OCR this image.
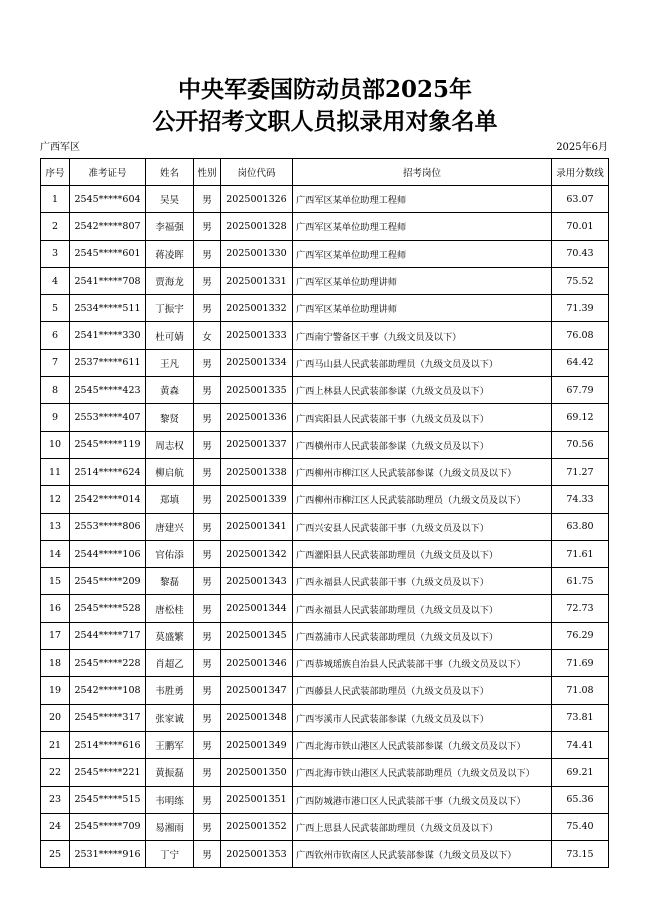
中央军委国防动员部2025年
公开招考文职人员拟录用对象名单
广西军区	2025年6月
序号	准考证号	姓名	性别	岗位代码	招考岗位	录用分数线
1	2545*****604	吴昊	男	2025001326	广西军区某单位助理工程师	63.07
2	2542*****807	李福强	男	2025001328	广西军区某单位助理工程师	70.01
3	2545*****601	蒋凌晖	男	2025001330	广西军区某单位助理工程师	70.43
4	2541*****708	贾海龙	男	2025001331	广西军区某单位助理讲师	75.52
5	2534*****511	丁振宇	男	2025001332	广西军区某单位助理讲师	71.39
6	2541*****330	杜可婧	女	2025001333	广西南宁警备区干事（九级文员及以下）	76.08
7	2537*****611	王凡	男	2025001334	广西马山县人民武装部助理员（九级文员及以下）	64.42
8	2545*****423	黄森	男	2025001335	广西上林县人民武装部参谋（九级文员及以下）	67.79
9	2553*****407	黎贤	男	2025001336	广西宾阳县人民武装部干事（九级文员及以下）	69.12
10	2545*****119	周志权	男	2025001337	广西横州市人民武装部参谋（九级文员及以下）	70.56
11	2514*****624	柳启航	男	2025001338	广西柳州市柳江区人民武装部参谋（九级文员及以下）	71.27
12	2542*****014	郑填	男	2025001339	广西柳州市柳江区人民武装部助理员（九级文员及以下）	74.33
13	2553*****806	唐建兴	男	2025001341	广西兴安县人民武装部干事（九级文员及以下）	63.80
14	2544*****106	官佑添	男	2025001342	广西灌阳县人民武装部助理员（九级文员及以下）	71.61
15	2545*****209	黎磊	男	2025001343	广西永福县人民武装部干事（九级文员及以下）	61.75
16	2545*****528	唐松桂	男	2025001344	广西永福县人民武装部助理员（九级文员及以下）	72.73
17	2544*****717	莫盛繁	男	2025001345	广西荔浦市人民武装部助理员（九级文员及以下）	76.29
18	2545*****228	肖超乙	男	2025001346	广西恭城瑶族自治县人民武装部干事（九级文员及以下）	71.69
19	2542*****108	韦胜勇	男	2025001347	广西藤县人民武装部助理员（九级文员及以下）	71.08
20	2545*****317	张家诚	男	2025001348	广西岑溪市人民武装部参谋（九级文员及以下）	73.81
21	2514*****616	王鹏军	男	2025001349	广西北海市铁山港区人民武装部参谋（九级文员及以下）	74.41
22	2545*****221	黄振磊	男	2025001350	广西北海市铁山港区人民武装部助理员（九级文员及以下）	69.21
23	2545*****515	韦明练	男	2025001351	广西防城港市港口区人民武装部干事（九级文员及以下）	65.36
24	2545*****709	易湘雨	男	2025001352	广西上思县人民武装部助理员（九级文员及以下）	75.40
25	2531*****916	丁宁	男	2025001353	广西钦州市钦南区人民武装部参谋（九级文员及以下）	73.15
